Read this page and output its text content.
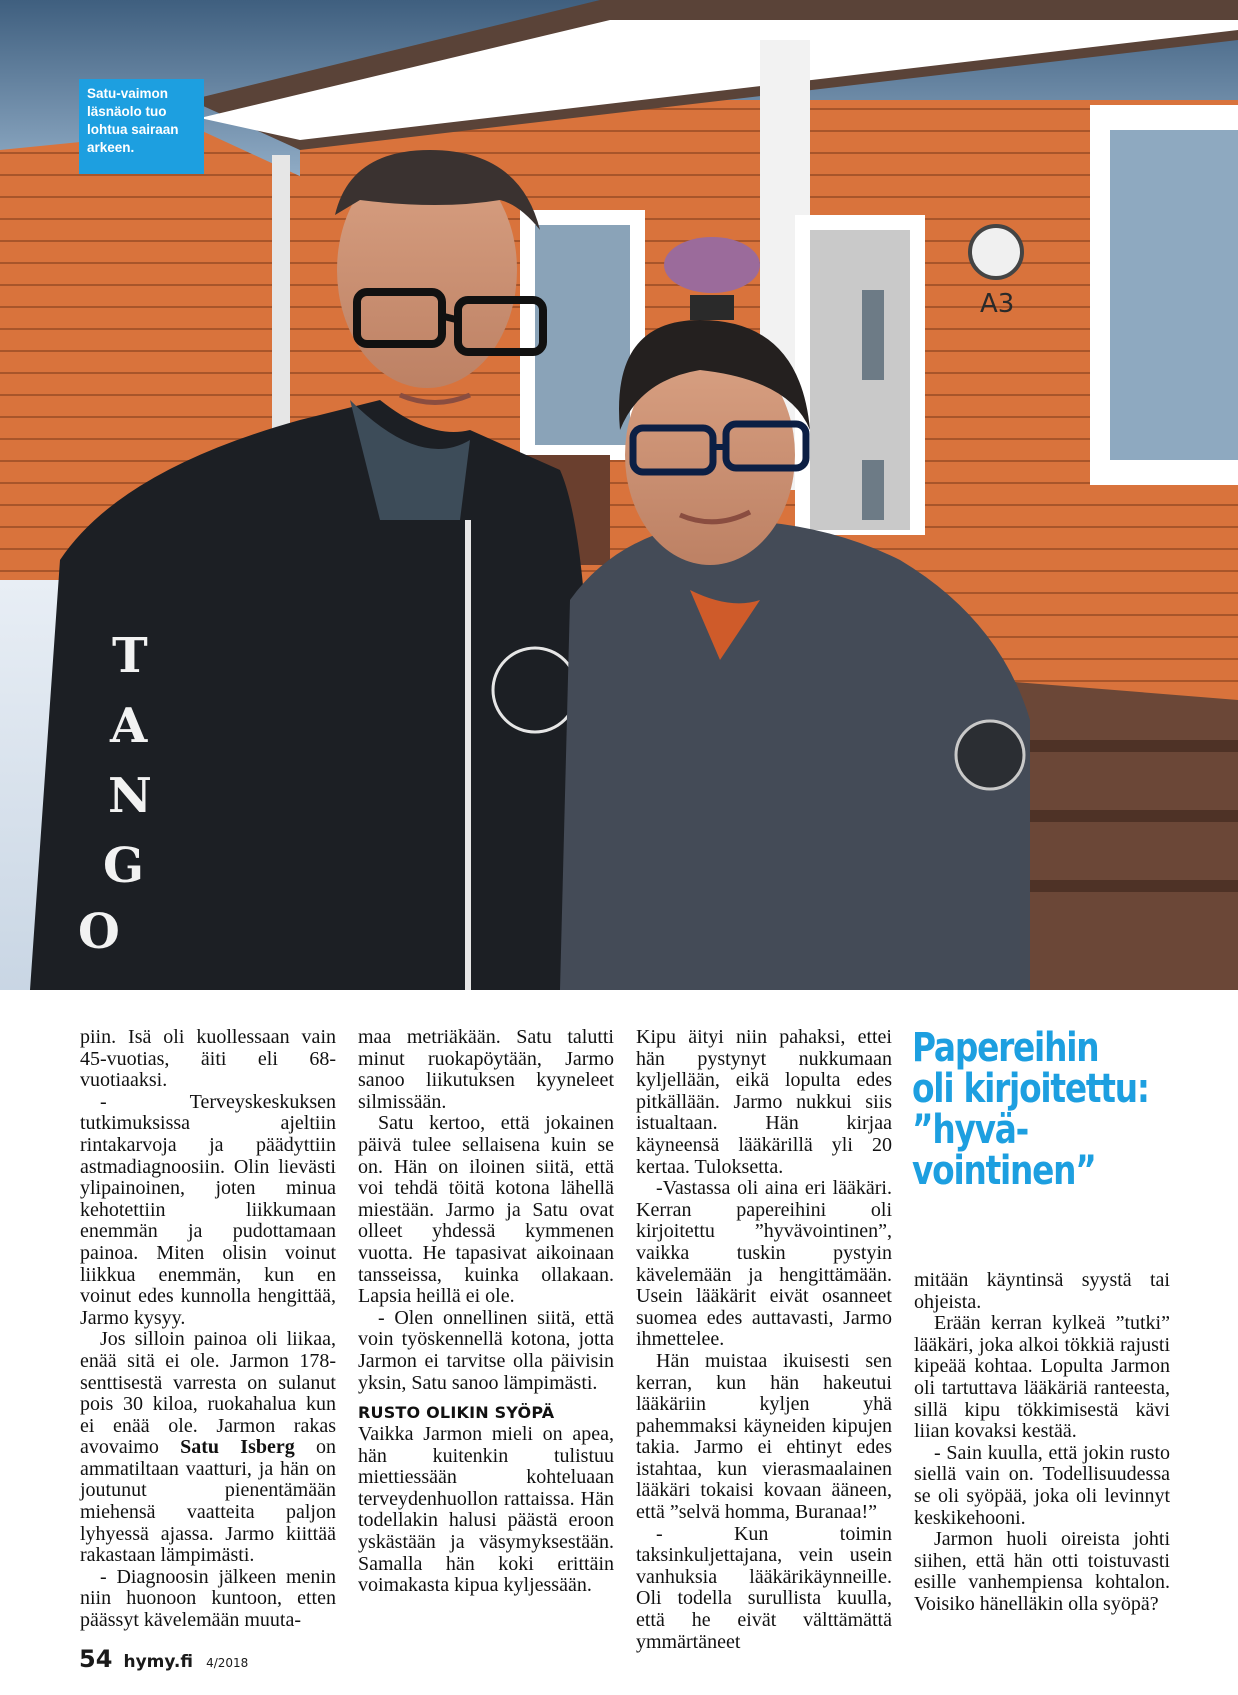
A3
T
A
N
G
O
Satu-vaimon läsnäolo tuo lohtua sairaan arkeen.

piin. Isä oli kuollessaan vain 45-vuotias, äiti eli 68-vuotiaaksi.

- Terveyskeskuksen tutkimuksissa ajeltiin rintakarvoja ja päädyttiin astmadiagnoosiin. Olin lievästi ylipainoinen, joten minua kehotettiin liikkumaan enemmän ja pudottamaan painoa. Miten olisin voinut liikkua enemmän, kun en voinut edes kunnolla hengittää, Jarmo kysyy.

Jos silloin painoa oli liikaa, enää sitä ei ole. Jarmon 178-senttisestä varresta on sulanut pois 30 kiloa, ruokahalua kun ei enää ole. Jarmon rakas avovaimo Satu Isberg on ammatiltaan vaatturi, ja hän on joutunut pienentämään miehensä vaatteita paljon lyhyessä ajassa. Jarmo kiittää rakastaan lämpimästi.

- Diagnoosin jälkeen menin niin huonoon kuntoon, etten päässyt kävelemään muuta-

maa metriäkään. Satu talutti minut ruokapöytään, Jarmo sanoo liikutuksen kyyneleet silmissään.

Satu kertoo, että jokainen päivä tulee sellaisena kuin se on. Hän on iloinen siitä, että voi tehdä töitä kotona lähellä miestään. Jarmo ja Satu ovat olleet yhdessä kymmenen vuotta. He tapasivat aikoinaan tansseissa, kuinka ollakaan. Lapsia heillä ei ole.

- Olen onnellinen siitä, että voin työskennellä kotona, jotta Jarmon ei tarvitse olla päivisin yksin, Satu sanoo lämpimästi.

RUSTO OLIKIN SYÖPÄ

Vaikka Jarmon mieli on apea, hän kuitenkin tulistuu miettiessään kohteluaan terveydenhuollon rattaissa. Hän todellakin halusi päästä eroon yskästään ja väsymyksestään. Samalla hän koki erittäin voimakasta kipua kyljessään.

Kipu äityi niin pahaksi, ettei hän pystynyt nukkumaan kyljellään, eikä lopulta edes pitkällään. Jarmo nukkui siis istualtaan. Hän kirjaa käyneensä lääkärillä yli 20 kertaa. Tuloksetta.

-Vastassa oli aina eri lääkäri. Kerran papereihini oli kirjoitettu ”hyvävointinen”, vaikka tuskin pystyin kävelemään ja hengittämään. Usein lääkärit eivät osanneet suomea edes auttavasti, Jarmo ihmettelee.

Hän muistaa ikuisesti sen kerran, kun hän hakeutui lääkäriin kyljen yhä pahemmaksi käyneiden kipujen takia. Jarmo ei ehtinyt edes istahtaa, kun vierasmaalainen lääkäri tokaisi kovaan ääneen, että ”selvä homma, Buranaa!”

- Kun toimin taksinkuljettajana, vein usein vanhuksia lääkärikäynneille. Oli todella surullista kuulla, että he eivät välttämättä ymmärtäneet

Papereihin
oli kirjoitettu:
”hyvä-
vointinen”

mitään käyntinsä syystä tai ohjeista.

Erään kerran kylkeä ”tutki” lääkäri, joka alkoi tökkiä rajusti kipeää kohtaa. Lopulta Jarmon oli tartuttava lääkäriä ranteesta, sillä kipu tökkimisestä kävi liian kovaksi kestää.

- Sain kuulla, että jokin rusto siellä vain on. Todellisuudessa se oli syöpää, joka oli levinnyt keskikehooni.

Jarmon huoli oireista johti siihen, että hän otti toistuvasti esille vanhempiensa kohtalon. Voisiko hänelläkin olla syöpä?

54 hymy.fi 4/2018
